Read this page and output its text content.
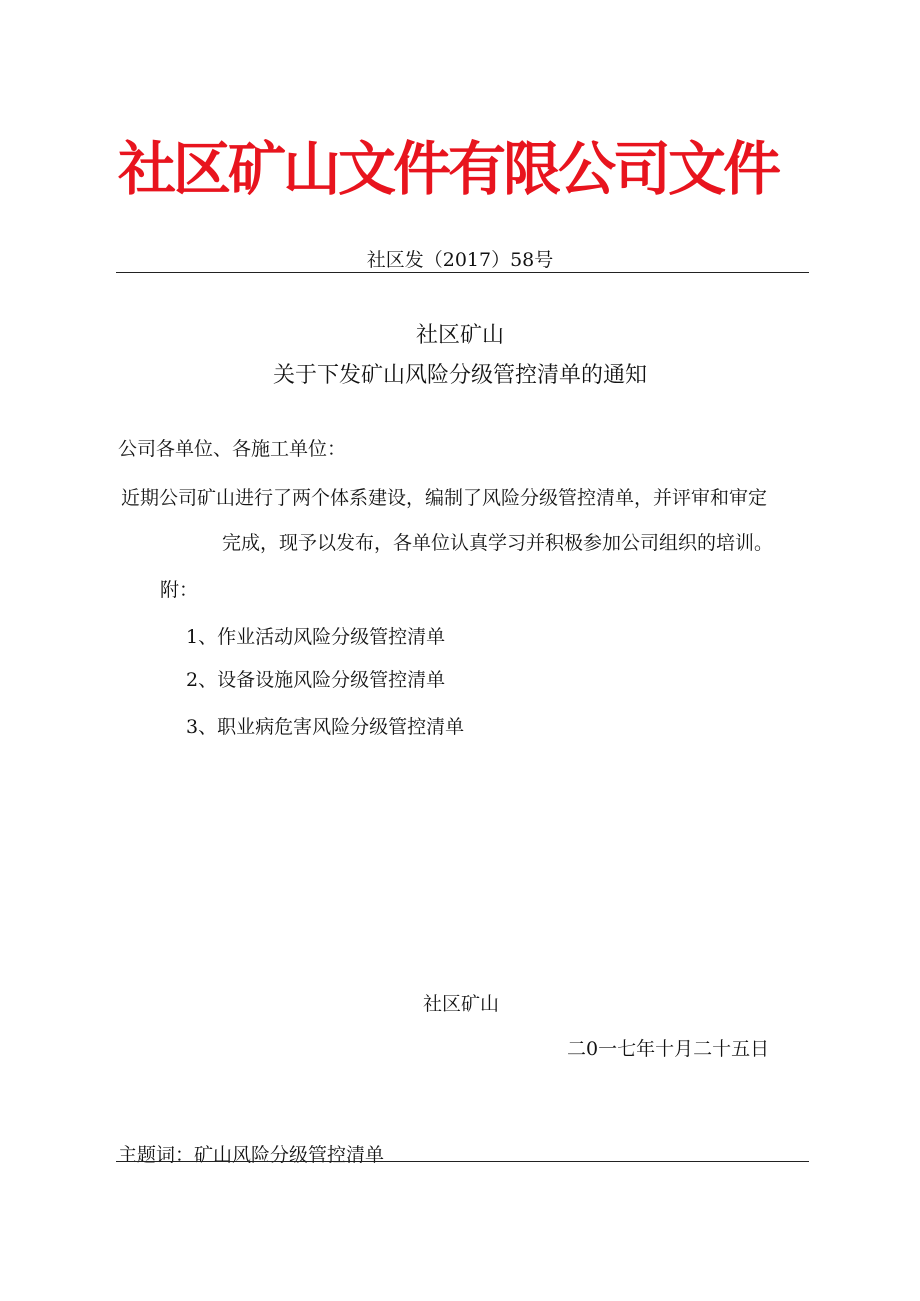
社区矿山文件有限公司文件
社区发（2017）58号
社区矿山
关于下发矿山风险分级管控清单的通知
公司各单位、各施工单位：
近期公司矿山进行了两个体系建设，编制了风险分级管控清单，并评审和审定
完成，现予以发布，各单位认真学习并积极参加公司组织的培训。
附：
1、作业活动风险分级管控清单
2、设备设施风险分级管控清单
3、职业病危害风险分级管控清单
社区矿山
二0一七年十月二十五日
主题词：矿山风险分级管控清单
